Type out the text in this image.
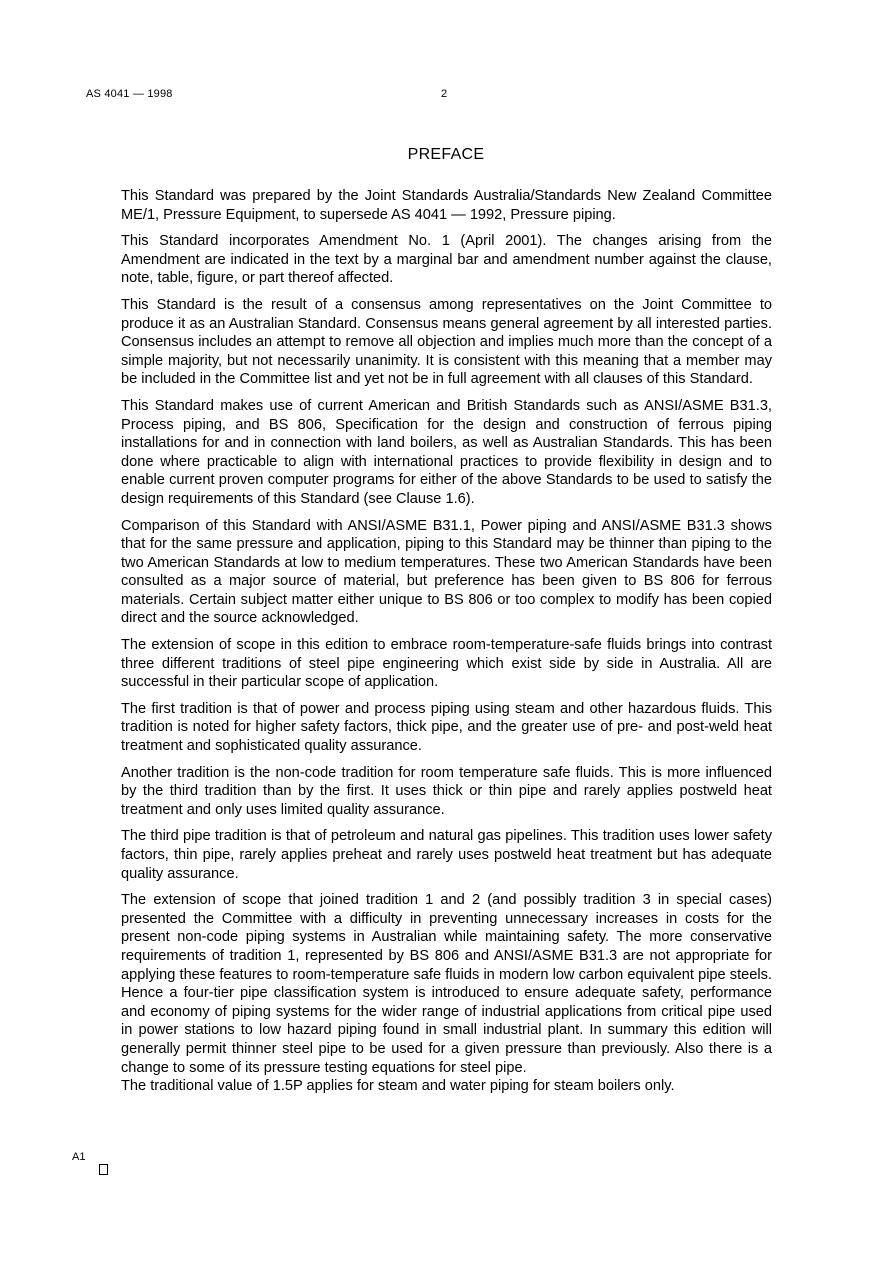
AS 4041 — 1998	2
PREFACE

This Standard was prepared by the Joint Standards Australia/Standards New Zealand Committee ME/1, Pressure Equipment, to supersede AS 4041 — 1992, Pressure piping.

This Standard incorporates Amendment No. 1 (April 2001). The changes arising from the Amendment are indicated in the text by a marginal bar and amendment number against the clause, note, table, figure, or part thereof affected.

This Standard is the result of a consensus among representatives on the Joint Committee to produce it as an Australian Standard. Consensus means general agreement by all interested parties. Consensus includes an attempt to remove all objection and implies much more than the concept of a simple majority, but not necessarily unanimity. It is consistent with this meaning that a member may be included in the Committee list and yet not be in full agreement with all clauses of this Standard.

This Standard makes use of current American and British Standards such as ANSI/ASME B31.3, Process piping, and BS 806, Specification for the design and construction of ferrous piping installations for and in connection with land boilers, as well as Australian Standards. This has been done where practicable to align with international practices to provide flexibility in design and to enable current proven computer programs for either of the above Standards to be used to satisfy the design requirements of this Standard (see Clause 1.6).

Comparison of this Standard with ANSI/ASME B31.1, Power piping and ANSI/ASME B31.3 shows that for the same pressure and application, piping to this Standard may be thinner than piping to the two American Standards at low to medium temperatures. These two American Standards have been consulted as a major source of material, but preference has been given to BS 806 for ferrous materials. Certain subject matter either unique to BS 806 or too complex to modify has been copied direct and the source acknowledged.

The extension of scope in this edition to embrace room-temperature-safe fluids brings into contrast three different traditions of steel pipe engineering which exist side by side in Australia. All are successful in their particular scope of application.

The first tradition is that of power and process piping using steam and other hazardous fluids. This tradition is noted for higher safety factors, thick pipe, and the greater use of pre- and post-weld heat treatment and sophisticated quality assurance.

Another tradition is the non-code tradition for room temperature safe fluids. This is more influenced by the third tradition than by the first. It uses thick or thin pipe and rarely applies postweld heat treatment and only uses limited quality assurance.

The third pipe tradition is that of petroleum and natural gas pipelines. This tradition uses lower safety factors, thin pipe, rarely applies preheat and rarely uses postweld heat treatment but has adequate quality assurance.

The extension of scope that joined tradition 1 and 2 (and possibly tradition 3 in special cases) presented the Committee with a difficulty in preventing unnecessary increases in costs for the present non-code piping systems in Australian while maintaining safety. The more conservative requirements of tradition 1, represented by BS 806 and ANSI/ASME B31.3 are not appropriate for applying these features to room-temperature safe fluids in modern low carbon equivalent pipe steels. Hence a four-tier pipe classification system is introduced to ensure adequate safety, performance and economy of piping systems for the wider range of industrial applications from critical pipe used in power stations to low hazard piping found in small industrial plant. In summary this edition will generally permit thinner steel pipe to be used for a given pressure than previously. Also there is a change to some of its pressure testing equations for steel pipe.

The traditional value of 1.5P applies for steam and water piping for steam boilers only.

A1
